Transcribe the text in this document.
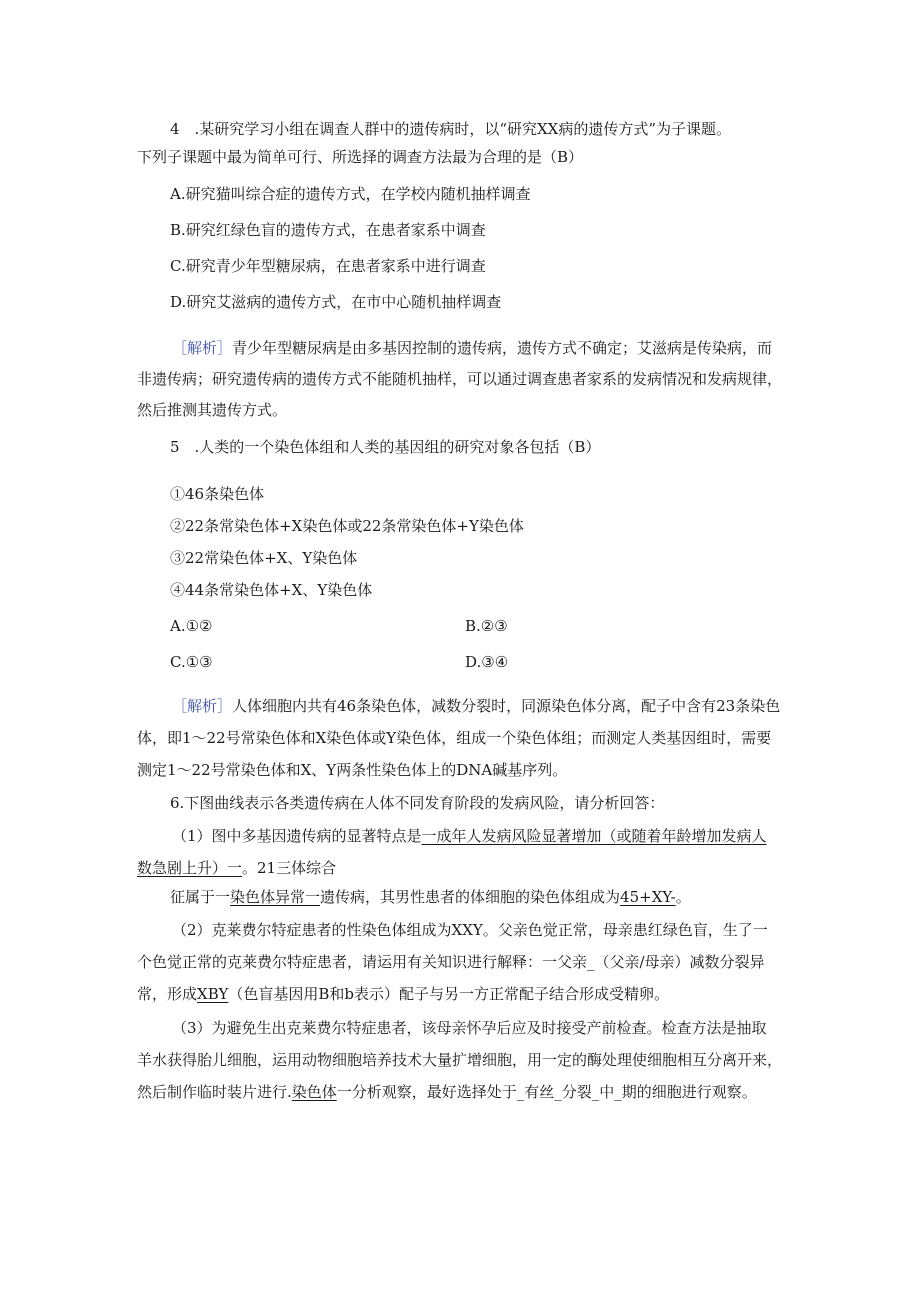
4　.某研究学习小组在调查人群中的遗传病时，以“研究XX病的遗传方式”为子课题。
下列子课题中最为简单可行、所选择的调查方法最为合理的是（B）
A.研究猫叫综合症的遗传方式，在学校内随机抽样调查
B.研究红绿色盲的遗传方式，在患者家系中调查
C.研究青少年型糖尿病，在患者家系中进行调查
D.研究艾滋病的遗传方式，在市中心随机抽样调查
［解析］青少年型糖尿病是由多基因控制的遗传病，遗传方式不确定；艾滋病是传染病，而
非遗传病；研究遗传病的遗传方式不能随机抽样，可以通过调查患者家系的发病情况和发病规律，
然后推测其遗传方式。
5　.人类的一个染色体组和人类的基因组的研究对象各包括（B）
①46条染色体
②22条常染色体+X染色体或22条常染色体+Y染色体
③22常染色体+X、Y染色体
④44条常染色体+X、Y染色体
A.①②	B.②③
C.①③	D.③④
［解析］人体细胞内共有46条染色体，减数分裂时，同源染色体分离，配子中含有23条染色
体，即1～22号常染色体和X染色体或Y染色体，组成一个染色体组；而测定人类基因组时，需要
测定1～22号常染色体和X、Y两条性染色体上的DNA碱基序列。
6.下图曲线表示各类遗传病在人体不同发育阶段的发病风险，请分析回答：
（1）图中多基因遗传病的显著特点是一成年人发病风险显著增加（或随着年龄增加发病人
数急剧上升）一。21三体综合
征属于一染色体异常一遗传病，其男性患者的体细胞的染色体组成为45+XY-。
（2）克莱费尔特症患者的性染色体组成为XXY。父亲色觉正常，母亲患红绿色盲，生了一
个色觉正常的克莱费尔特症患者，请运用有关知识进行解释：一父亲_（父亲/母亲）减数分裂异
常，形成XBY（色盲基因用B和b表示）配子与另一方正常配子结合形成受精卵。
（3）为避免生出克莱费尔特症患者，该母亲怀孕后应及时接受产前检查。检查方法是抽取
羊水获得胎儿细胞，运用动物细胞培养技术大量扩增细胞，用一定的酶处理使细胞相互分离开来，
然后制作临时装片进行.染色体一分析观察，最好选择处于_有丝_分裂_中_期的细胞进行观察。
